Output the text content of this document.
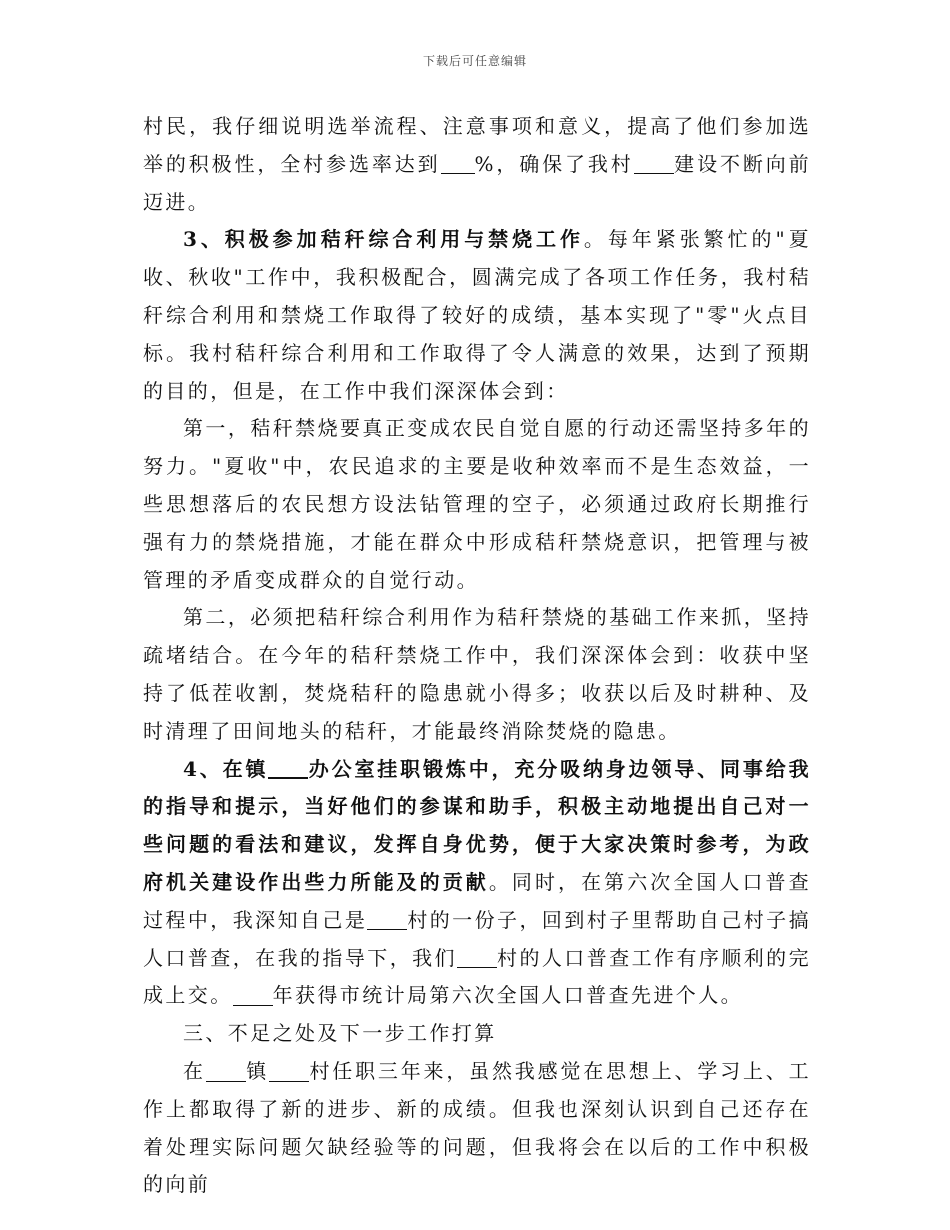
下载后可任意编辑

村民，我仔细说明选举流程、注意事项和意义，提高了他们参加选举的积极性，全村参选率达到 %，确保了我村 建设不断向前迈进。

3、积极参加秸秆综合利用与禁烧工作。每年紧张繁忙的"夏收、秋收"工作中，我积极配合，圆满完成了各项工作任务，我村秸秆综合利用和禁烧工作取得了较好的成绩，基本实现了"零"火点目标。我村秸秆综合利用和工作取得了令人满意的效果，达到了预期的目的，但是，在工作中我们深深体会到：

第一，秸秆禁烧要真正变成农民自觉自愿的行动还需坚持多年的努力。"夏收"中，农民追求的主要是收种效率而不是生态效益，一些思想落后的农民想方设法钻管理的空子，必须通过政府长期推行强有力的禁烧措施，才能在群众中形成秸秆禁烧意识，把管理与被管理的矛盾变成群众的自觉行动。

第二，必须把秸秆综合利用作为秸秆禁烧的基础工作来抓，坚持疏堵结合。在今年的秸秆禁烧工作中，我们深深体会到：收获中坚持了低茬收割，焚烧秸秆的隐患就小得多；收获以后及时耕种、及时清理了田间地头的秸秆，才能最终消除焚烧的隐患。

4、在镇 办公室挂职锻炼中，充分吸纳身边领导、同事给我的指导和提示，当好他们的参谋和助手，积极主动地提出自己对一些问题的看法和建议，发挥自身优势，便于大家决策时参考，为政府机关建设作出些力所能及的贡献。同时，在第六次全国人口普查过程中，我深知自己是 村的一份子，回到村子里帮助自己村子搞人口普查，在我的指导下，我们 村的人口普查工作有序顺利的完成上交。 年获得市统计局第六次全国人口普查先进个人。

三、不足之处及下一步工作打算

在 镇 村任职三年来，虽然我感觉在思想上、学习上、工作上都取得了新的进步、新的成绩。但我也深刻认识到自己还存在着处理实际问题欠缺经验等的问题，但我将会在以后的工作中积极的向前
